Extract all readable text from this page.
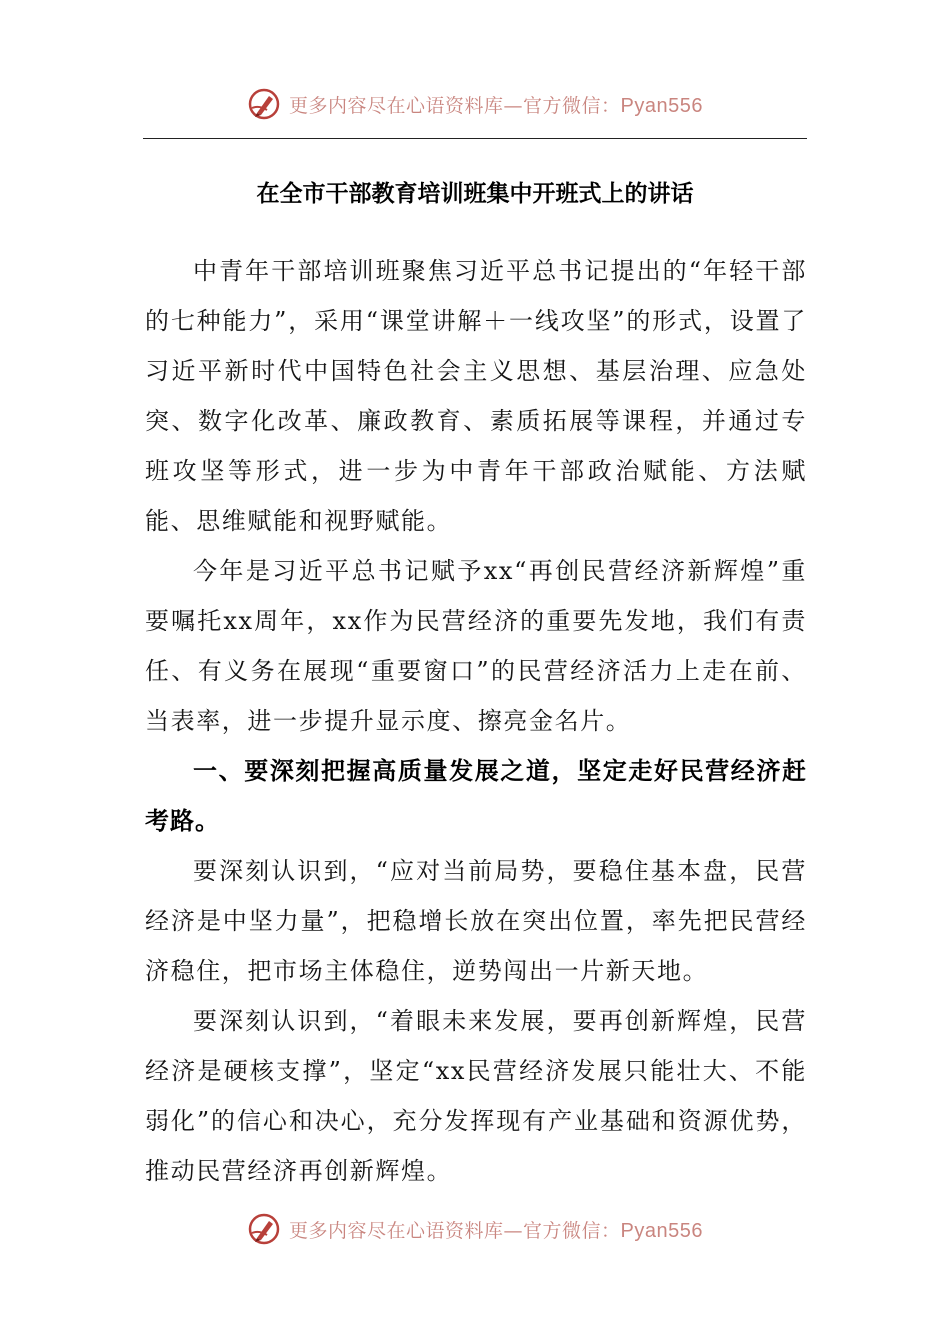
更多内容尽在心语资料库—官方微信：Pyan556
在全市干部教育培训班集中开班式上的讲话

中青年干部培训班聚焦习近平总书记提出的“年轻干部的七种能力”，采用“课堂讲解＋一线攻坚”的形式，设置了习近平新时代中国特色社会主义思想、基层治理、应急处突、数字化改革、廉政教育、素质拓展等课程，并通过专班攻坚等形式，进一步为中青年干部政治赋能、方法赋能、思维赋能和视野赋能。

今年是习近平总书记赋予xx“再创民营经济新辉煌”重要嘱托xx周年，xx作为民营经济的重要先发地，我们有责任、有义务在展现“重要窗口”的民营经济活力上走在前、当表率，进一步提升显示度、擦亮金名片。

一、要深刻把握高质量发展之道，坚定走好民营经济赶考路。

要深刻认识到，“应对当前局势，要稳住基本盘，民营经济是中坚力量”，把稳增长放在突出位置，率先把民营经济稳住，把市场主体稳住，逆势闯出一片新天地。

要深刻认识到，“着眼未来发展，要再创新辉煌，民营经济是硬核支撑”，坚定“xx民营经济发展只能壮大、不能弱化”的信心和决心，充分发挥现有产业基础和资源优势，推动民营经济再创新辉煌。

更多内容尽在心语资料库—官方微信：Pyan556
